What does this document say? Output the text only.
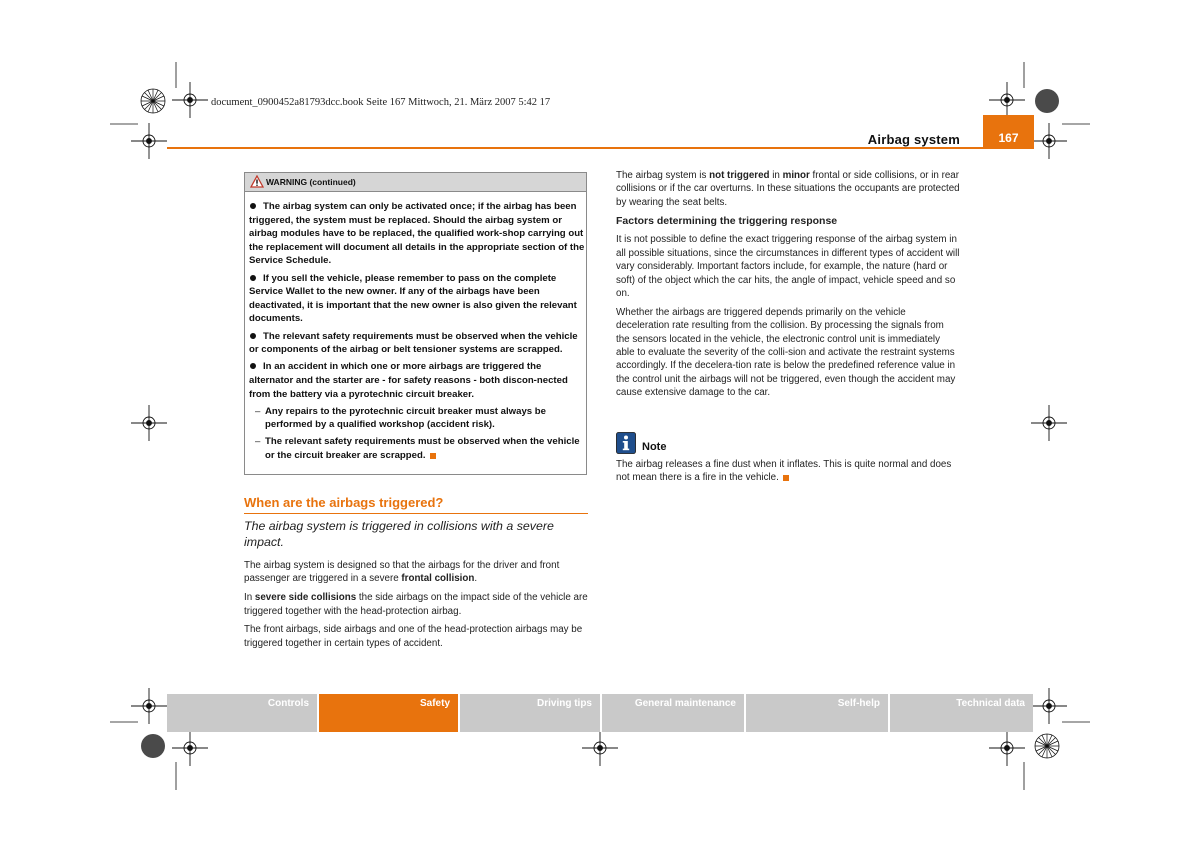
document_0900452a81793dcc.book Seite 167 Mittwoch, 21. März 2007 5:42 17
Airbag system	167
WARNING (continued)

The airbag system can only be activated once; if the airbag has been triggered, the system must be replaced. Should the airbag system or airbag modules have to be replaced, the qualified work-shop carrying out the replacement will document all details in the appropriate section of the Service Schedule.

If you sell the vehicle, please remember to pass on the complete Service Wallet to the new owner. If any of the airbags have been deactivated, it is important that the new owner is also given the relevant documents.

The relevant safety requirements must be observed when the vehicle or components of the airbag or belt tensioner systems are scrapped.

In an accident in which one or more airbags are triggered the alternator and the starter are - for safety reasons - both discon-nected from the battery via a pyrotechnic circuit breaker.

– Any repairs to the pyrotechnic circuit breaker must always be performed by a qualified workshop (accident risk).

– The relevant safety requirements must be observed when the vehicle or the circuit breaker are scrapped.

When are the airbags triggered?
The airbag system is triggered in collisions with a severe impact.

The airbag system is designed so that the airbags for the driver and front passenger are triggered in a severe frontal collision.

In severe side collisions the side airbags on the impact side of the vehicle are triggered together with the head-protection airbag.

The front airbags, side airbags and one of the head-protection airbags may be triggered together in certain types of accident.

The airbag system is not triggered in minor frontal or side collisions, or in rear collisions or if the car overturns. In these situations the occupants are protected by wearing the seat belts.

Factors determining the triggering response

It is not possible to define the exact triggering response of the airbag system in all possible situations, since the circumstances in different types of accident will vary considerably. Important factors include, for example, the nature (hard or soft) of the object which the car hits, the angle of impact, vehicle speed and so on.

Whether the airbags are triggered depends primarily on the vehicle deceleration rate resulting from the collision. By processing the signals from the sensors located in the vehicle, the electronic control unit is immediately able to evaluate the severity of the colli-sion and activate the restraint systems accordingly. If the decelera-tion rate is below the predefined reference value in the control unit the airbags will not be triggered, even though the accident may cause extensive damage to the car.

Note
The airbag releases a fine dust when it inflates. This is quite normal and does not mean there is a fire in the vehicle.
Controls	Safety	Driving tips	General maintenance	Self-help	Technical data
